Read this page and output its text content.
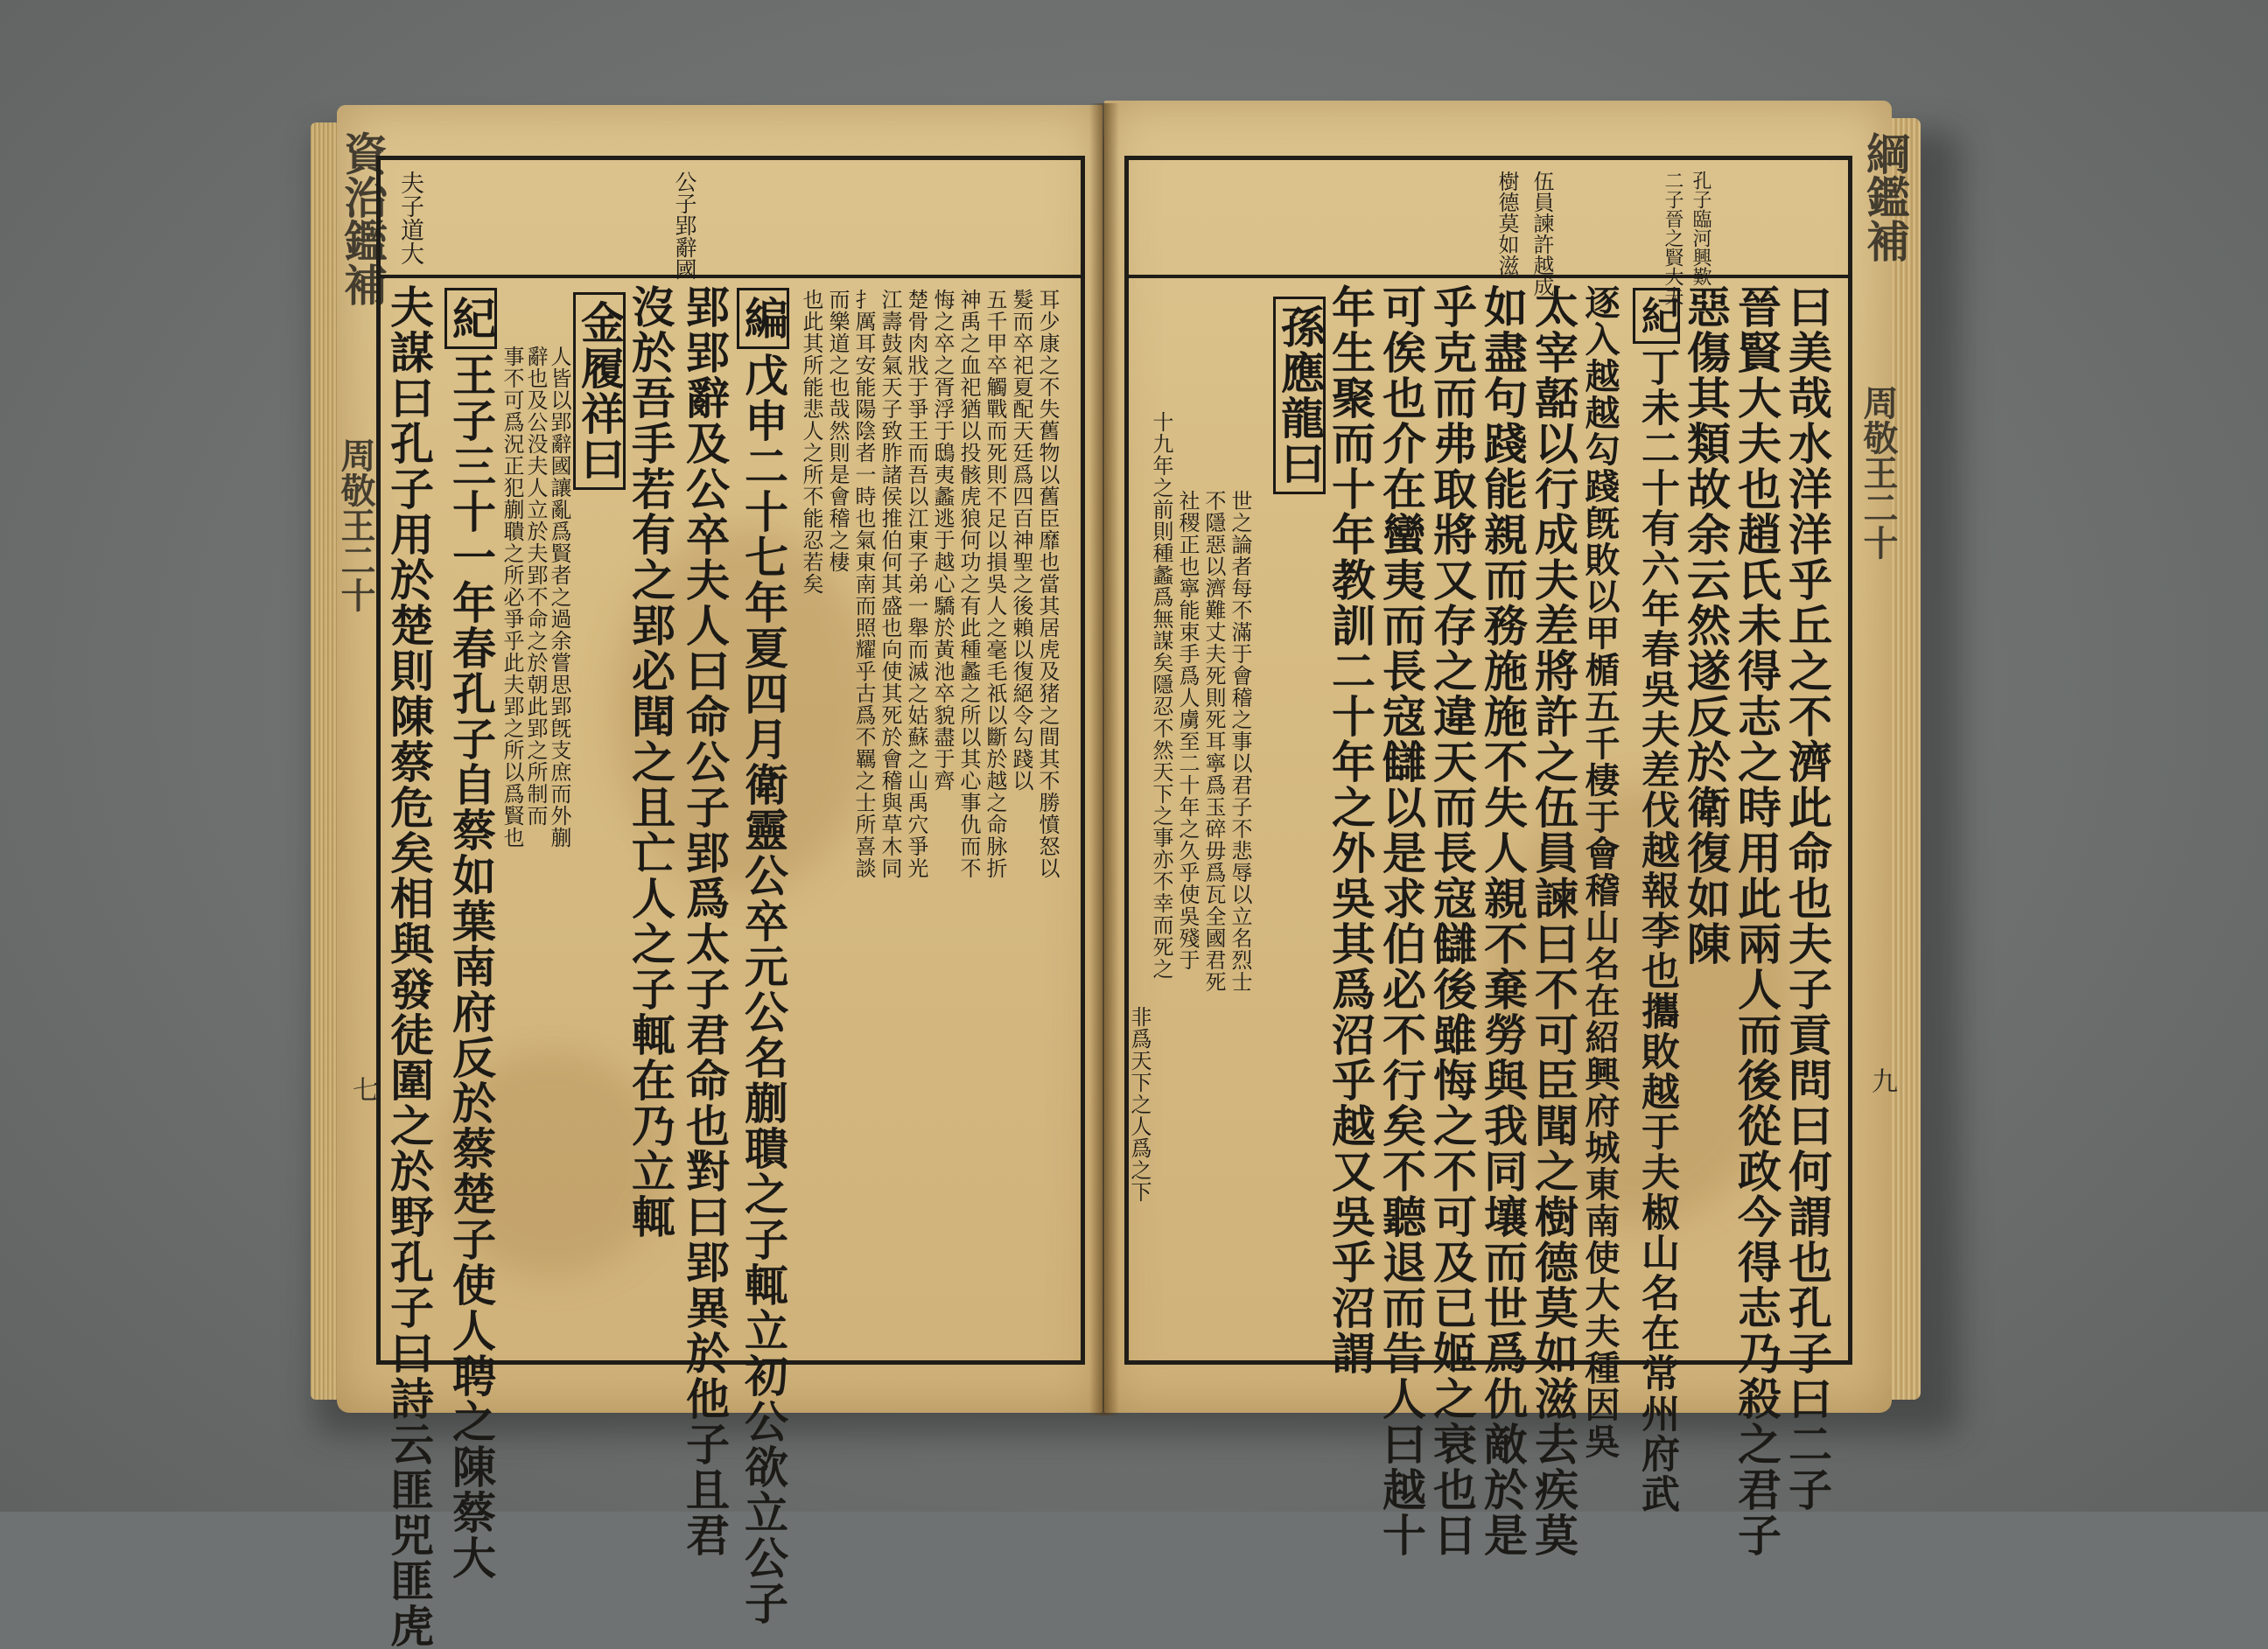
資治鑑補
周敬王二十
七
綱鑑補
周敬王二十
九
夫子道大	公子郢辭國
夫謀曰孔子用於楚則陳蔡危矣相與發徒圍之於野孔子曰詩云匪兕匪虎 紀王子三十一年春孔子自蔡如葉南府反於蔡楚子使人聘之陳蔡大 事不可爲況正犯蒯聵之所必爭乎此夫郢之所以爲賢也 辭也及公没夫人立於夫郢不命之於朝此郢之所制而 人皆以郢辭國讓亂爲賢者之過余嘗思郢旣支庶而外蒯 金履祥曰 沒於吾手若有之郢必聞之且亡人之子輒在乃立輒 郢郢辭及公卒夫人曰命公子郢爲太子君命也對曰郢異於他子且君 編戊申二十七年夏四月衛靈公卒元公名蒯聵之子輒立初公欲立公子 也此其所能悲人之所不能忍若矣 而樂道之也哉然則是會稽之棲 扌厲耳安能陽陰者一時也氣東南而照耀乎古爲不羈之士所喜談 江壽鼓氣天子致胙諸侯推伯何其盛也向使其死於會稽與草木同 楚骨肉戕于爭王而吾以江東子弟一舉而滅之姑蘇之山禹穴爭光 悔之卒之胥浮于鴟夷蠡逃于越心驕於黃池卒貌盡于齊 神禹之血祀猶以投骸虎狼何功之有此種蠡之所以其心事仇而不 五千甲卒觸戰而死則不足以損吳人之毫毛祇以斷於越之命脉折 髮而卒祀夏配天廷爲四百神聖之後賴以復絕令勾踐以 耳少康之不失舊物以舊臣靡也當其居虎及猪之間其不勝憤怒以
樹德莫如滋 伍員諫許越成	二子晉之賢大夫 孔子臨河興歎
曰美哉水洋洋乎丘之不濟此命也夫子貢問曰何謂也孔子曰二子
晉賢大夫也趙氏未得志之時用此兩人而後從政今得志乃殺之君子
惡傷其類故余云然遂反於衛復如陳
紀丁未二十有六年春吳夫差伐越報李也攜敗越于夫椒山名在常州府武
逐入越越勾踐旣敗以甲楯五千棲于會稽山名在紹興府城東南使大夫種因吳
太宰嚭以行成夫差將許之伍員諫曰不可臣聞之樹德莫如滋去疾莫
如盡句踐能親而務施施不失人親不棄勞與我同壤而世爲仇敵於是
乎克而弗取將又存之違天而長寇讎後雖悔之不可及已姬之衰也日
可俟也介在蠻夷而長寇讎以是求伯必不行矣不聽退而告人曰越十
年生聚而十年教訓二十年之外吳其爲沼乎越又吳乎沼謂
孫應龍曰
世之論者每不滿于會稽之事以君子不悲辱以立名烈士
不隱惡以濟難丈夫死則死耳寧爲玉碎毋爲瓦全國君死
社稷正也寧能束手爲人虜至二十年之久乎使吳殘于
十九年之前則種蠡爲無謀矣隱忍不然天下之事亦不幸而死之
非爲天下之人爲之下
